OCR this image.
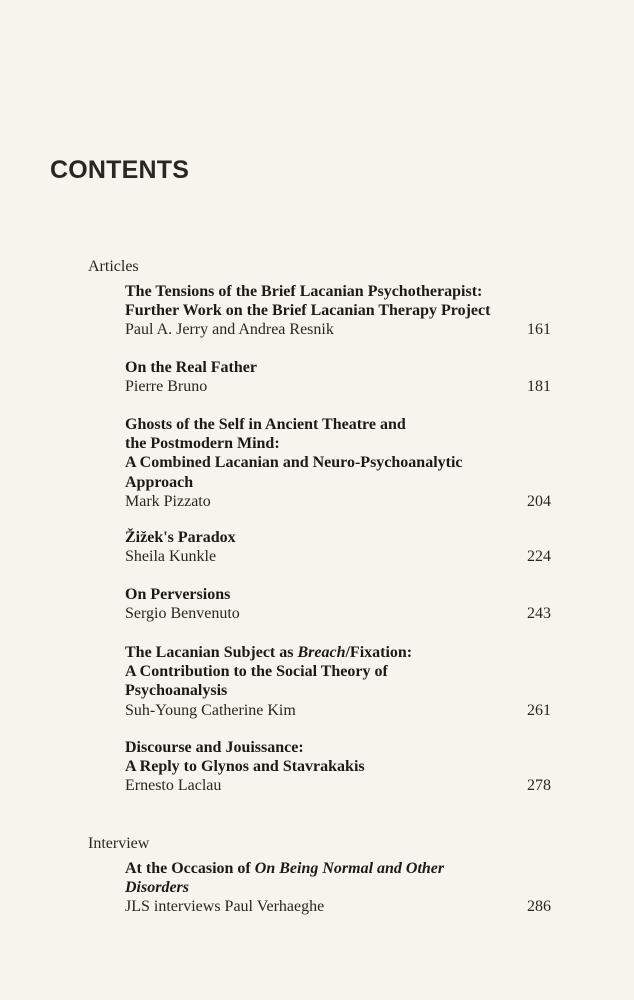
CONTENTS
Articles
The Tensions of the Brief Lacanian Psychotherapist:
Further Work on the Brief Lacanian Therapy Project
Paul A. Jerry and Andrea Resnik	161
On the Real Father
Pierre Bruno	181
Ghosts of the Self in Ancient Theatre and
the Postmodern Mind:
A Combined Lacanian and Neuro-Psychoanalytic
Approach
Mark Pizzato	204
Žižek's Paradox
Sheila Kunkle	224
On Perversions
Sergio Benvenuto	243
The Lacanian Subject as Breach/Fixation:
A Contribution to the Social Theory of
Psychoanalysis
Suh-Young Catherine Kim	261
Discourse and Jouissance:
A Reply to Glynos and Stavrakakis
Ernesto Laclau	278
Interview
At the Occasion of On Being Normal and Other
Disorders
JLS interviews Paul Verhaeghe	286
